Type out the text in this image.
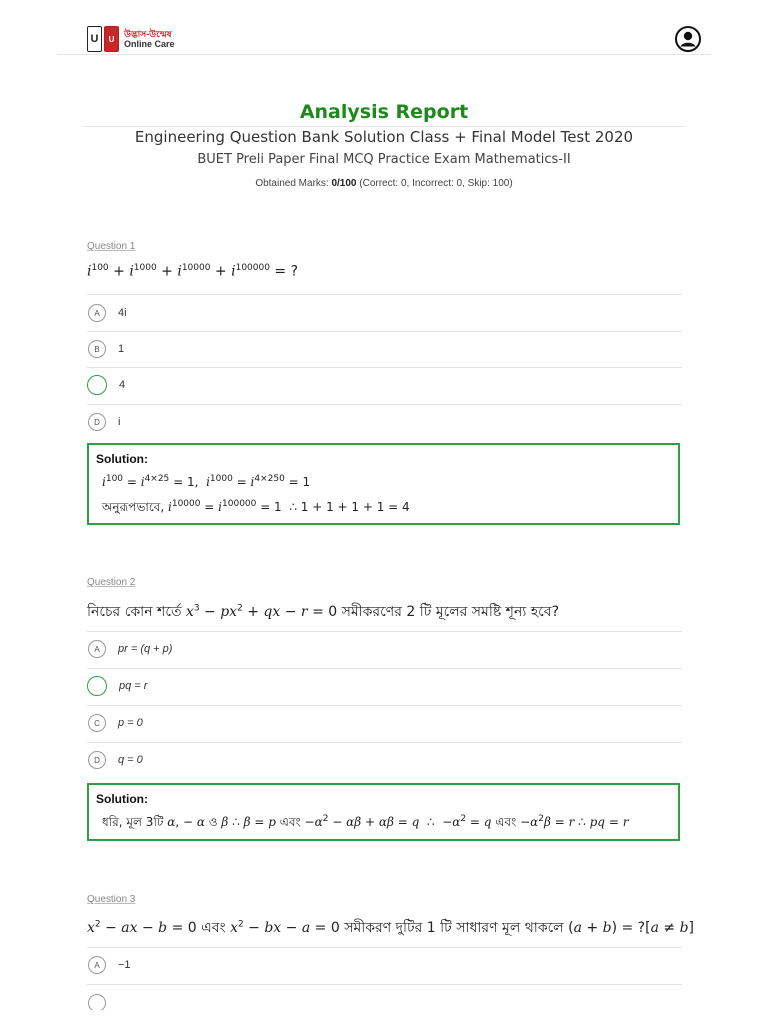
U	U	উদ্ভাস-উন্মেষ
Online Care
Analysis Report
Engineering Question Bank Solution Class + Final Model Test 2020
BUET Preli Paper Final MCQ Practice Exam Mathematics-II
Obtained Marks: 0/100 (Correct: 0, Incorrect: 0, Skip: 100)
Question 1
$i^{100} + i^{1000} + i^{10000} + i^{100000}$ = ?
A	4i
B	1
4
D	i
Solution:
$i^{100} = i^{4\times 25} = 1$,  $i^{1000} = i^{4\times 250} = 1$
অনুরূপভাবে, $i^{10000} = i^{100000} = 1$  ∴ 1 + 1 + 1 + 1 = 4
Question 2
নিচের কোন শর্তে $x^3 - px^2$ + qx − r = 0 সমীকরণের 2 টি মূলের সমষ্টি শূন্য হবে?
A	pr = (q + p)
pq = r
C	p = 0
D	q = 0
Solution:
ধরি, মূল 3টি α, − α ও β ∴ β = p এবং $-\alpha^2 - \alpha\beta + \alpha\beta = q$  ∴  $-\alpha^2 = q$ এবং $-\alpha^2\beta = r$ ∴ pq = r
Question 3
$x^2$ − ax − b = 0 এবং $x^2$ − bx − a = 0 সমীকরণ দুটির 1 টি সাধারণ মূল থাকলে (a + b) = ?[a ≠ b]
A	−1
